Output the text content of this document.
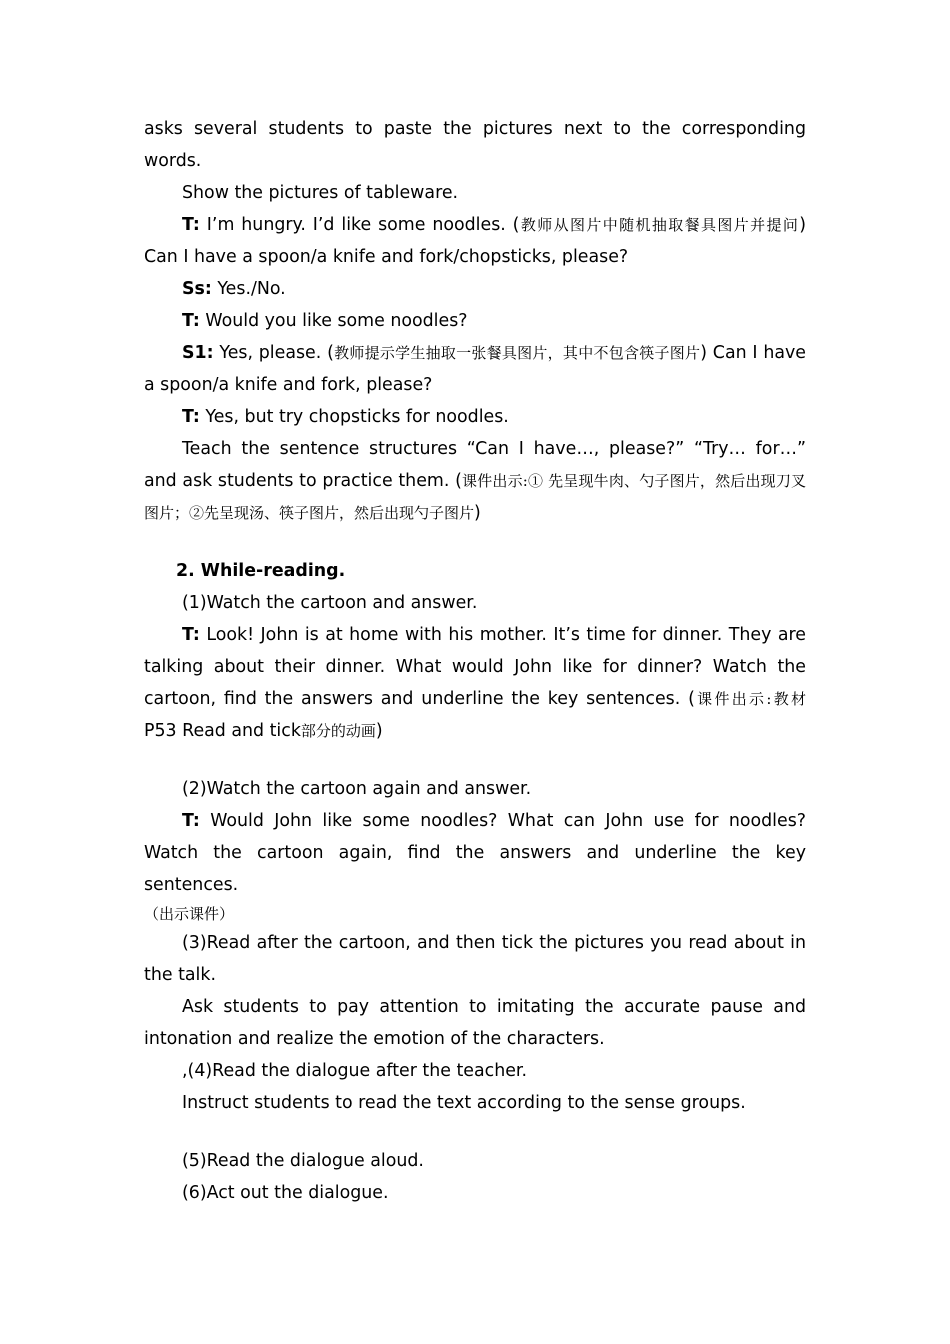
asks several students to paste the pictures next to the corresponding words.

Show the pictures of tableware.

T: I’m hungry. I’d like some noodles. (教师从图片中随机抽取餐具图片并提问) Can I have a spoon/a knife and fork/chopsticks, please?

Ss: Yes./No.

T: Would you like some noodles?

S1: Yes, please. (教师提示学生抽取一张餐具图片，其中不包含筷子图片) Can I have a spoon/a knife and fork, please?

T: Yes, but try chopsticks for noodles.

Teach the sentence structures “Can I have…, please?” “Try… for…” and ask students to practice them. (课件出示:① 先呈现牛肉、勺子图片，然后出现刀叉图片；②先呈现汤、筷子图片，然后出现勺子图片)

2. While-reading.

(1)Watch the cartoon and answer.

T: Look! John is at home with his mother. It’s time for dinner. They are talking about their dinner. What would John like for dinner? Watch the cartoon, find the answers and underline the key sentences. (课件出示:教材 P53 Read and tick部分的动画)

(2)Watch the cartoon again and answer.

T: Would John like some noodles? What can John use for noodles? Watch the cartoon again, find the answers and underline the key sentences.

（出示课件）

(3)Read after the cartoon, and then tick the pictures you read about in the talk.

Ask students to pay attention to imitating the accurate pause and intonation and realize the emotion of the characters.

,(4)Read the dialogue after the teacher.

Instruct students to read the text according to the sense groups.

(5)Read the dialogue aloud.

(6)Act out the dialogue.
